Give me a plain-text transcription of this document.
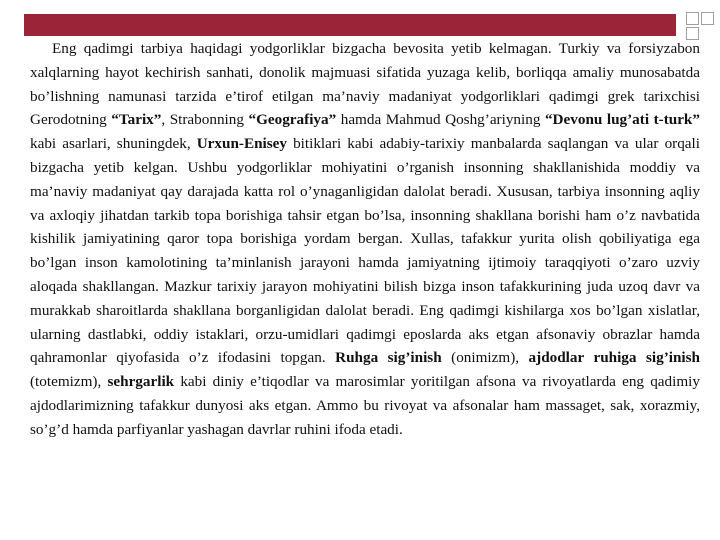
Eng qadimgi tarbiya haqidagi yodgorliklar bizgacha bevosita yetib kelmagan. Turkiy va forsiyzabon xalqlarning hayot kechirish sanhati, donolik majmuasi sifatida yuzaga kelib, borliqqa amaliy munosabatda bo’lishning namunasi tarzida e’tirof etilgan ma’naviy madaniyat yodgorliklari qadimgi grek tarixchisi Gerodotning “Tarix”, Strabonning “Geografiya” hamda Mahmud Qoshg’ariyning “Devonu lug’ati t-turk” kabi asarlari, shuningdek, Urxun-Enisey bitiklari kabi adabiy-tarixiy manbalarda saqlangan va ular orqali bizgacha yetib kelgan. Ushbu yodgorliklar mohiyatini o’rganish insonning shakllanishida moddiy va ma’naviy madaniyat qay darajada katta rol o’ynaganligidan dalolat beradi. Xususan, tarbiya insonning aqliy va axloqiy jihatdan tarkib topa borishiga tahsir etgan bo’lsa, insonning shakllana borishi ham o’z navbatida kishilik jamiyatining qaror topa borishiga yordam bergan. Xullas, tafakkur yurita olish qobiliyatiga ega bo’lgan inson kamolotining ta’minlanish jarayoni hamda jamiyatning ijtimoiy taraqqiyoti o’zaro uzviy aloqada shakllangan. Mazkur tarixiy jarayon mohiyatini bilish bizga inson tafakkurining juda uzoq davr va murakkab sharoitlarda shakllana borganligidan dalolat beradi. Eng qadimgi kishilarga xos bo’lgan xislatlar, ularning dastlabki, oddiy istaklari, orzu-umidlari qadimgi eposlarda aks etgan afsonaviy obrazlar hamda qahramonlar qiyofasida o’z ifodasini topgan. Ruhga sig’inish (onimizm), ajdodlar ruhiga sig’inish (totemizm), sehrgarlik kabi diniy e’tiqodlar va marosimlar yoritilgan afsona va rivoyatlarda eng qadimiy ajdodlarimizning tafakkur dunyosi aks etgan. Ammo bu rivoyat va afsonalar ham massaget, sak, xorazmiy, so’g’d hamda parfiyanlar yashagan davrlar ruhini ifoda etadi.
